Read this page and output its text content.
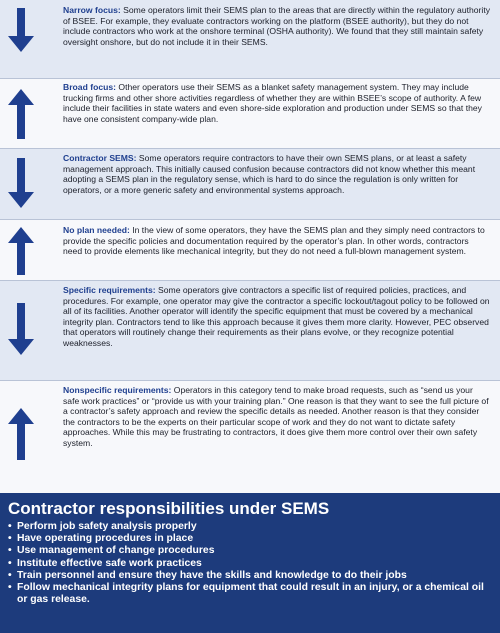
Narrow focus: Some operators limit their SEMS plan to the areas that are directly within the regulatory authority of BSEE. For example, they evaluate contractors working on the platform (BSEE authority), but they do not include contractors who work at the onshore terminal (OSHA authority). We found that they still maintain safety oversight onshore, but do not include it in their SEMS.
Broad focus: Other operators use their SEMS as a blanket safety management system. They may include trucking firms and other shore activities regardless of whether they are within BSEE’s scope of authority. A few include their facilities in state waters and even shore-side exploration and production under SEMS so that they have one consistent company-wide plan.
Contractor SEMS: Some operators require contractors to have their own SEMS plans, or at least a safety management approach. This initially caused confusion because contractors did not know whether this meant adopting a SEMS plan in the regulatory sense, which is hard to do since the regulation is only written for operators, or a more generic safety and environmental systems approach.
No plan needed: In the view of some operators, they have the SEMS plan and they simply need contractors to provide the specific policies and documentation required by the operator’s plan. In other words, contractors need to provide elements like mechanical integrity, but they do not need a full-blown management system.
Specific requirements: Some operators give contractors a specific list of required policies, practices, and procedures. For example, one operator may give the contractor a specific lockout/tagout policy to be followed on all of its facilities. Another operator will identify the specific equipment that must be covered by a mechanical integrity plan. Contractors tend to like this approach because it gives them more clarity. However, PEC observed that operators will routinely change their requirements as their plans evolve, or they recognize potential weaknesses.
Nonspecific requirements: Operators in this category tend to make broad requests, such as “send us your safe work practices” or “provide us with your training plan.” One reason is that they want to see the full picture of a contractor’s safety approach and review the specific details as needed. Another reason is that they consider the contractors to be the experts on their particular scope of work and they do not want to dictate safety approaches. While this may be frustrating to contractors, it does give them more control over their own safety system.
Contractor responsibilities under SEMS
• Perform job safety analysis properly
• Have operating procedures in place
• Use management of change procedures
• Institute effective safe work practices
• Train personnel and ensure they have the skills and knowledge to do their jobs
• Follow mechanical integrity plans for equipment that could result in an injury, or a chemical oil or gas release.
